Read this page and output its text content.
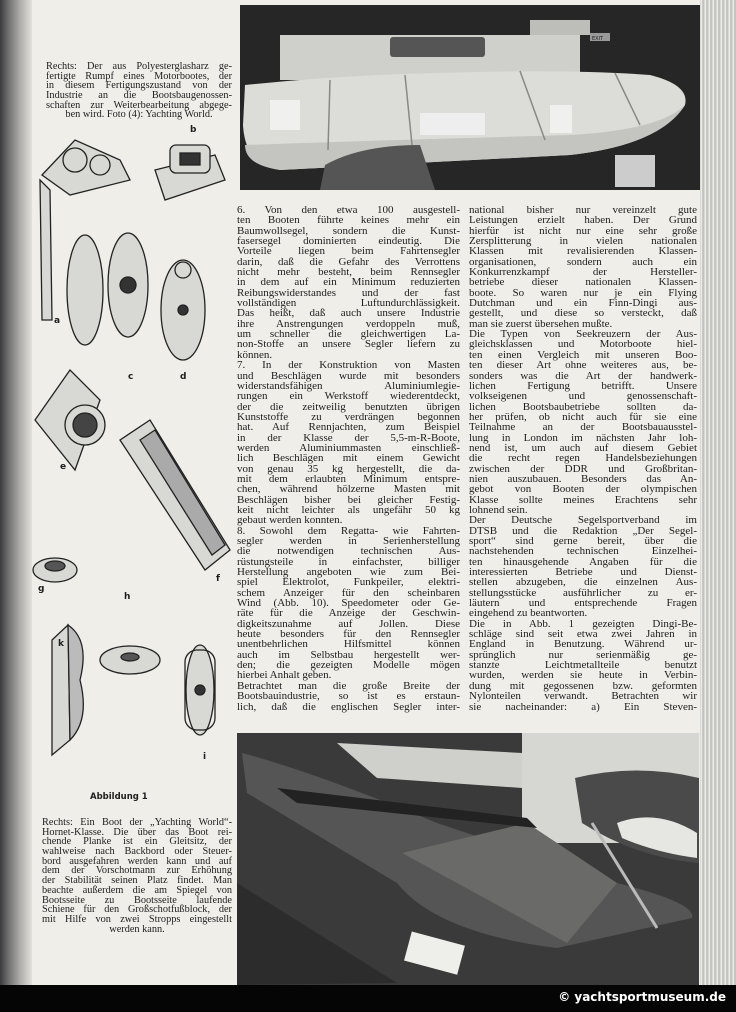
EXIT
Rechts: Der aus Polyesterglasharz ge-
fertigte Rumpf eines Motorbootes, der
in diesem Fertigungszustand von der
Industrie an die Bootsbaugenossen-
schaften zur Weiterbearbeitung abgege-
ben wird. Foto (4): Yachting World.
b
a
c	d
e
f
g
h
i
k
Abbildung 1
Rechts: Ein Boot der „Yachting World“-
Hornet-Klasse. Die über das Boot rei-
chende Planke ist ein Gleitsitz, der
wahlweise nach Backbord oder Steuer-
bord ausgefahren werden kann und auf
dem der Vorschotmann zur Erhöhung
der Stabilität seinen Platz findet. Man
beachte außerdem die am Spiegel von
Bootsseite zu Bootsseite laufende
Schiene für den Großschotfußblock, der
mit Hilfe von zwei Stropps eingestellt
werden kann.
6. Von den etwa 100 ausgestell-
ten Booten führte keines mehr ein
Baumwollsegel, sondern die Kunst-
fasersegel dominierten eindeutig. Die
Vorteile liegen beim Fahrtensegler
darin, daß die Gefahr des Verrottens
nicht mehr besteht, beim Rennsegler
in dem auf ein Minimum reduzierten
Reibungswiderstandes und der fast
vollständigen Luftundurchlässigkeit.
Das heißt, daß auch unsere Industrie
ihre Anstrengungen verdoppeln muß,
um schneller die gleichwertigen La-
non-Stoffe an unsere Segler liefern zu
können.
7. In der Konstruktion von Masten
und Beschlägen wurde mit besonders
widerstandsfähigen Aluminiumlegie-
rungen ein Werkstoff wiederentdeckt,
der die zeitweilig benutzten übrigen
Kunststoffe zu verdrängen begonnen
hat. Auf Rennjachten, zum Beispiel
in der Klasse der 5,5-m-R-Boote,
werden Aluminiummasten einschließ-
lich Beschlägen mit einem Gewicht
von genau 35 kg hergestellt, die da-
mit dem erlaubten Minimum entspre-
chen, während hölzerne Masten mit
Beschlägen bisher bei gleicher Festig-
keit nicht leichter als ungefähr 50 kg
gebaut werden konnten.
8. Sowohl dem Regatta- wie Fahrten-
segler werden in Serienherstellung
die notwendigen technischen Aus-
rüstungsteile in einfachster, billiger
Herstellung angeboten wie zum Bei-
spiel Elektrolot, Funkpeiler, elektri-
schem Anzeiger für den scheinbaren
Wind (Abb. 10). Speedometer oder Ge-
räte für die Anzeige der Geschwin-
digkeitszunahme auf Jollen. Diese
heute besonders für den Rennsegler
unentbehrlichen Hilfsmittel können
auch im Selbstbau hergestellt wer-
den; die gezeigten Modelle mögen
hierbei Anhalt geben.
Betrachtet man die große Breite der
Bootsbauindustrie, so ist es erstaun-
lich, daß die englischen Segler inter-
national bisher nur vereinzelt gute
Leistungen erzielt haben. Der Grund
hierfür ist nicht nur eine sehr große
Zersplitterung in vielen nationalen
Klassen mit revalisierenden Klassen-
organisationen, sondern auch ein
Konkurrenzkampf der Hersteller-
betriebe dieser nationalen Klassen-
boote. So waren nur je ein Flying
Dutchman und ein Finn-Dingi aus-
gestellt, und diese so versteckt, daß
man sie zuerst übersehen mußte.
Die Typen von Seekreuzern der Aus-
gleichsklassen und Motorboote hiel-
ten einen Vergleich mit unseren Boo-
ten dieser Art ohne weiteres aus, be-
sonders was die Art der handwerk-
lichen Fertigung betrifft. Unsere
volkseigenen und genossenschaft-
lichen Bootsbaubetriebe sollten da-
her prüfen, ob nicht auch für sie eine
Teilnahme an der Bootsbauausstel-
lung in London im nächsten Jahr loh-
nend ist, um auch auf diesem Gebiet
die recht regen Handelsbeziehungen
zwischen der DDR und Großbritan-
nien auszubauen. Besonders das An-
gebot von Booten der olympischen
Klasse sollte meines Erachtens sehr
lohnend sein.
Der Deutsche Segelsportverband im
DTSB und die Redaktion „Der Segel-
sport“ sind gerne bereit, über die
nachstehenden technischen Einzelhei-
ten hinausgehende Angaben für die
interessierten Betriebe und Dienst-
stellen abzugeben, die einzelnen Aus-
stellungsstücke ausführlicher zu er-
läutern und entsprechende Fragen
eingehend zu beantworten.
Die in Abb. 1 gezeigten Dingi-Be-
schläge sind seit etwa zwei Jahren in
England in Benutzung. Während ur-
sprünglich nur serienmäßig ge-
stanzte Leichtmetallteile benutzt
wurden, werden sie heute in Verbin-
dung mit gegossenen bzw. geformten
Nylonteilen verwandt. Betrachten wir
sie nacheinander: a) Ein Steven-
© yachtsportmuseum.de
